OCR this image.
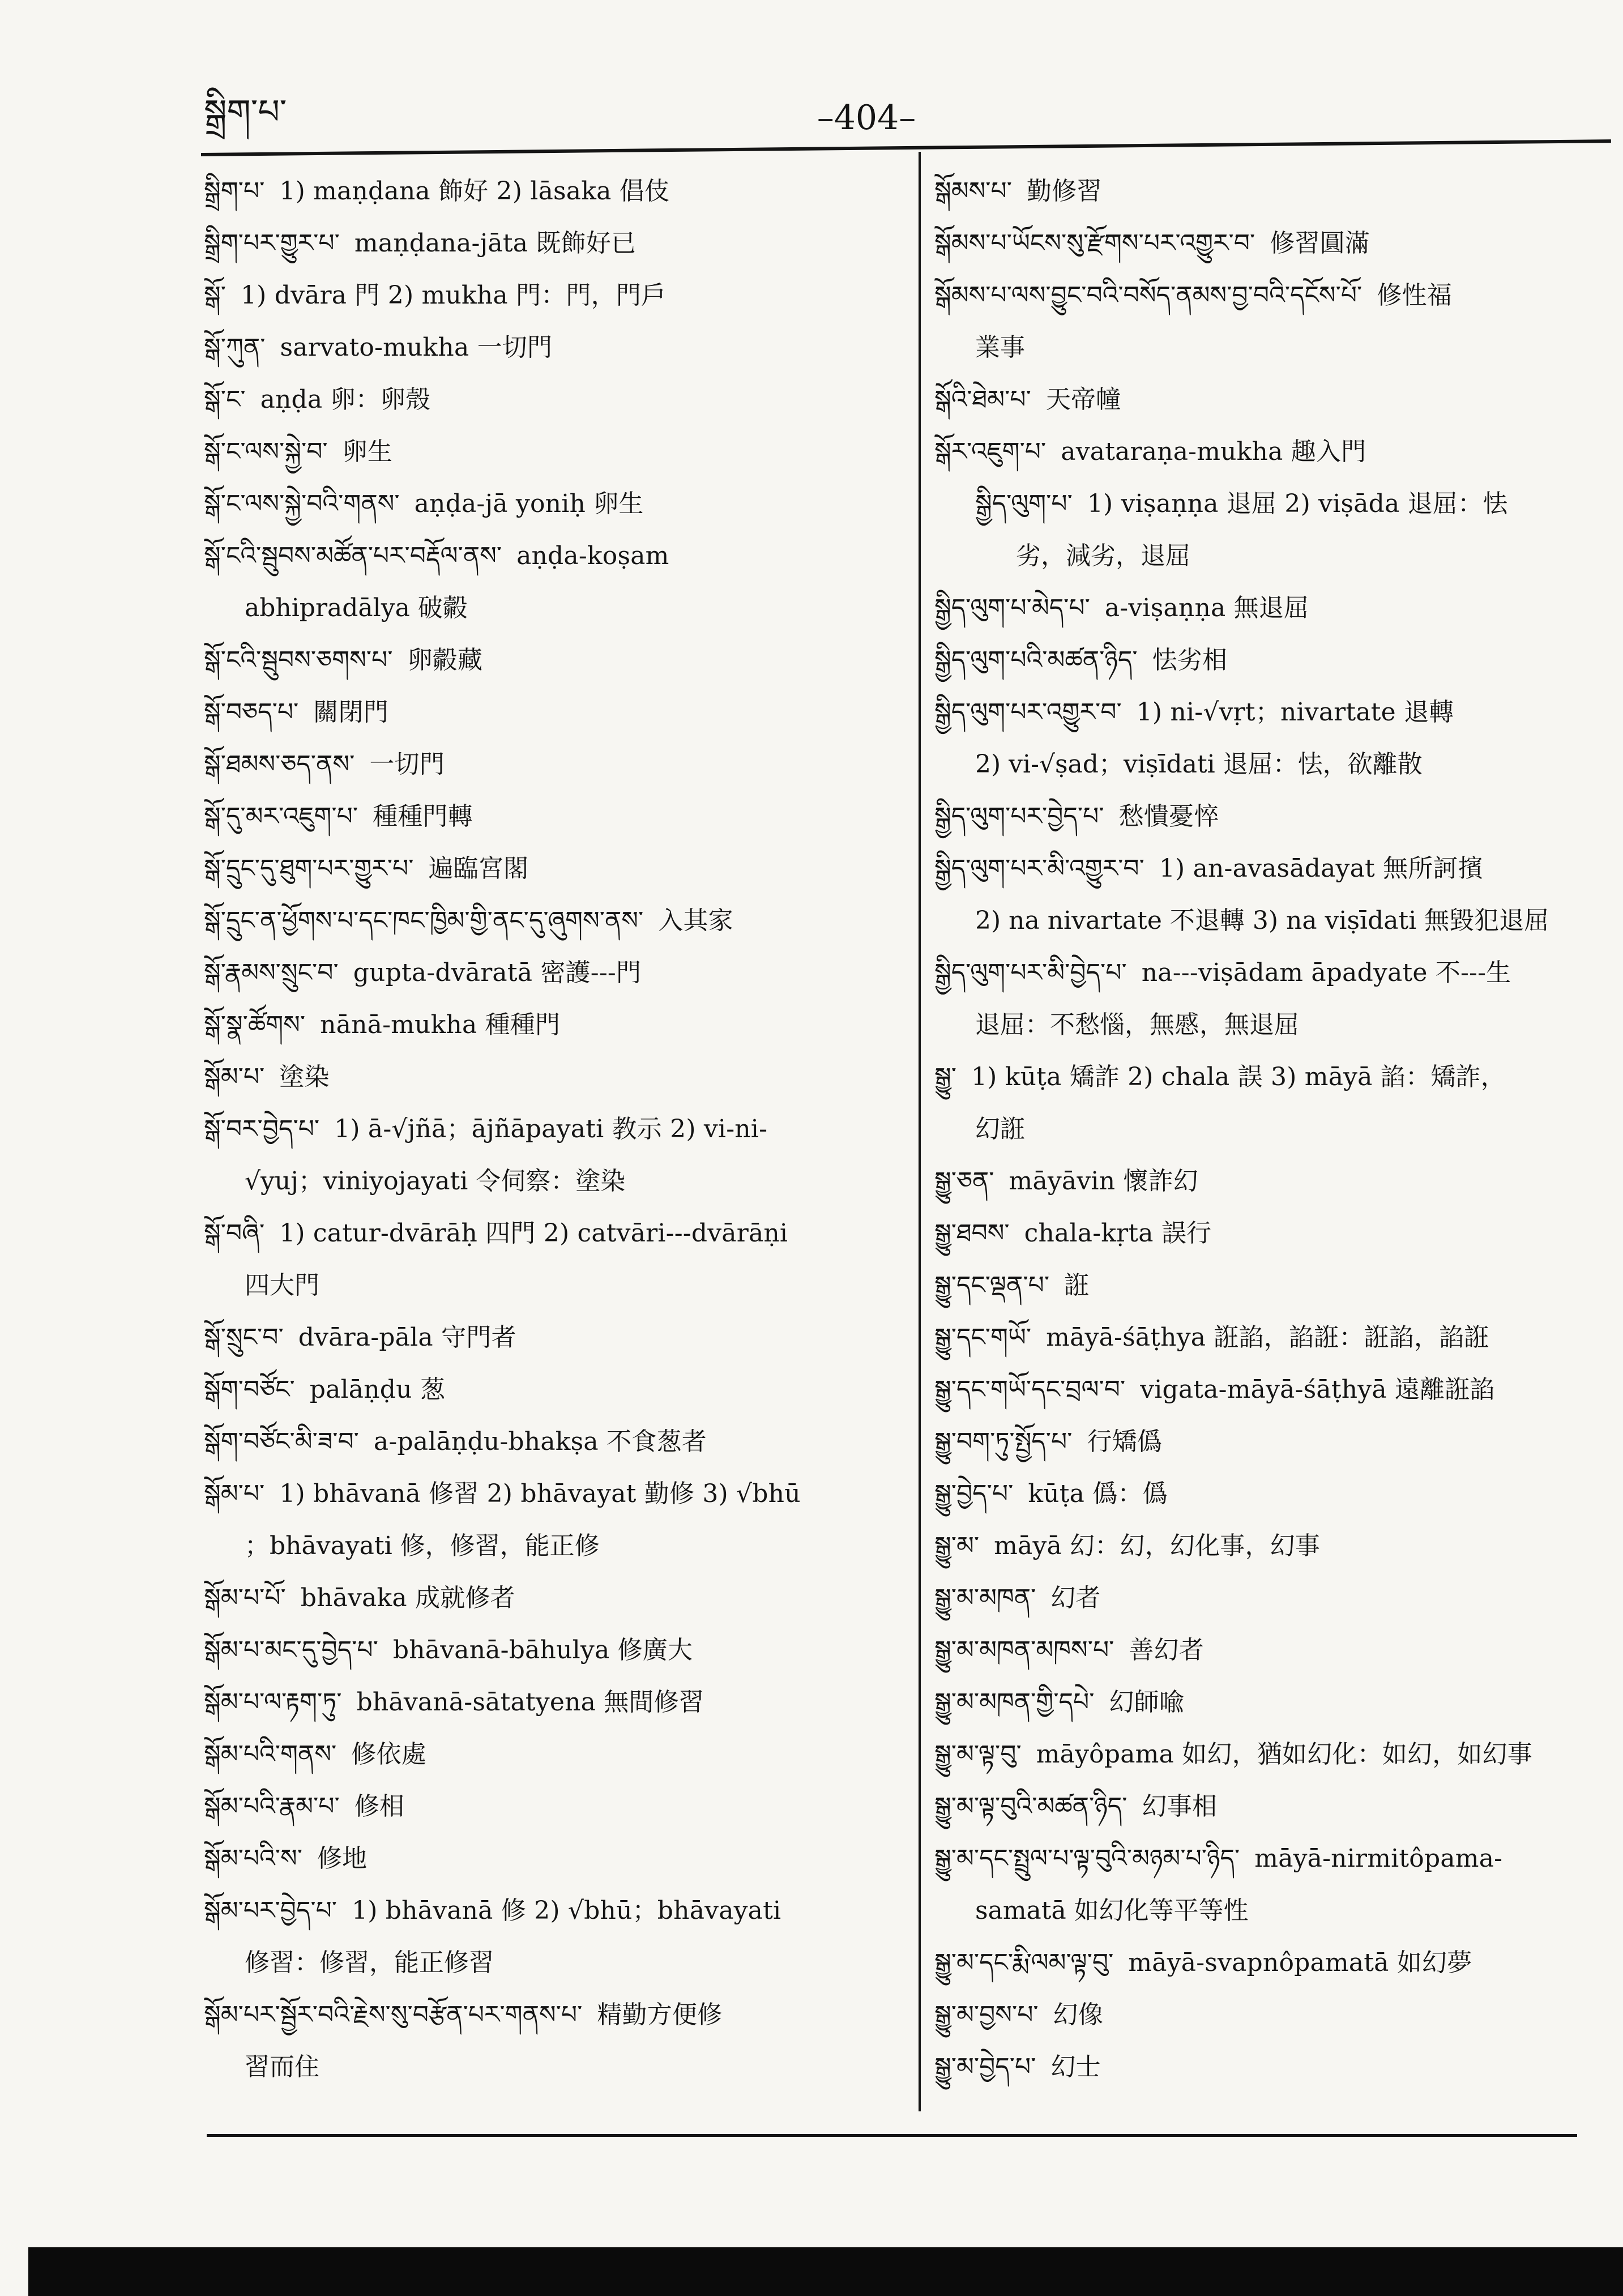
སྒྲིག་པ་	–404–

སྒྲིག་པ་ 1) maṇḍana 飾好 2) lāsaka 倡伎

སྒྲིག་པར་གྱུར་པ་ maṇḍana-jāta 既飾好已

སྒོ་ 1) dvāra 門 2) mukha 門：門，門戶

སྒོ་ཀུན་ sarvato-mukha 一切門

སྒོ་ང་ aṇḍa 卵：卵殼

སྒོ་ང་ལས་སྐྱེ་བ་ 卵生

སྒོ་ང་ལས་སྐྱེ་བའི་གནས་ aṇḍa-jā yoniḥ 卵生

སྒོ་ངའི་སྦུབས་མཚོན་པར་བརྡོལ་ནས་ aṇḍa-koṣam
abhipradālya 破㲉

སྒོ་ངའི་སྦུབས་ཅགས་པ་ 卵㲉藏

སྒོ་བཅད་པ་ 關閉門

སྒོ་ཐམས་ཅད་ནས་ 一切門

སྒོ་དུ་མར་འཇུག་པ་ 種種門轉

སྒོ་དྲུང་དུ་ཐུག་པར་གྱུར་པ་ 遍臨宮閣

སྒོ་དྲུང་ན་ཕྱོགས་པ་དང་ཁང་ཁྱིམ་གྱི་ནང་དུ་ཞུགས་ནས་ 入其家

སྒོ་རྣམས་སྲུང་བ་ gupta-dvāratā 密護---門

སྒོ་སྣ་ཚོགས་ nānā-mukha 種種門

སྒོམ་པ་ 塗染

སྒོ་བར་བྱེད་པ་ 1) ā-√jñā；ājñāpayati 教示 2) vi-ni-
√yuj；viniyojayati 令伺察：塗染

སྒོ་བཞི་ 1) catur-dvārāḥ 四門 2) catvāri---dvārāṇi
四大門

སྒོ་སྲུང་བ་ dvāra-pāla 守門者

སྒོག་བཙོང་ palāṇḍu 葱

སྒོག་བཙོང་མི་ཟ་བ་ a-palāṇḍu-bhakṣa 不食葱者

སྒོམ་པ་ 1) bhāvanā 修習 2) bhāvayat 勤修 3) √bhū
；bhāvayati 修，修習，能正修

སྒོམ་པ་པོ་ bhāvaka 成就修者

སྒོམ་པ་མང་དུ་བྱེད་པ་ bhāvanā-bāhulya 修廣大

སྒོམ་པ་ལ་རྟག་ཏུ་ bhāvanā-sātatyena 無間修習

སྒོམ་པའི་གནས་ 修依處

སྒོམ་པའི་རྣམ་པ་ 修相

སྒོམ་པའི་ས་ 修地

སྒོམ་པར་བྱེད་པ་ 1) bhāvanā 修 2) √bhū；bhāvayati
修習：修習，能正修習

སྒོམ་པར་སྦྱོར་བའི་རྗེས་སུ་བརྩོན་པར་གནས་པ་ 精勤方便修
習而住

སྒོམས་པ་ 勤修習

སྒོམས་པ་ཡོངས་སུ་རྫོགས་པར་འགྱུར་བ་ 修習圓滿

སྒོམས་པ་ལས་བྱུང་བའི་བསོད་ནམས་བྱ་བའི་དངོས་པོ་ 修性福
業事

སྒོའི་ཐེམ་པ་ 天帝幢

སྒོར་འཇུག་པ་ avataraṇa-mukha 趣入門

སྒྱིད་ལུག་པ་ 1) viṣaṇṇa 退屈 2) viṣāda 退屈：怯
劣，減劣，退屈

སྒྱིད་ལུག་པ་མེད་པ་ a-viṣaṇṇa 無退屈

སྒྱིད་ལུག་པའི་མཚན་ཉིད་ 怯劣相

སྒྱིད་ལུག་པར་འགྱུར་བ་ 1) ni-√vṛt；nivartate 退轉
2) vi-√ṣad；viṣīdati 退屈：怯，欲離散

སྒྱིད་ལུག་པར་བྱེད་པ་ 愁憒憂悴

སྒྱིད་ལུག་པར་མི་འགྱུར་བ་ 1) an-avasādayat 無所訶擯
2) na nivartate 不退轉 3) na viṣīdati 無毀犯退屈

སྒྱིད་ལུག་པར་མི་བྱེད་པ་ na---viṣādam āpadyate 不---生
退屈：不愁惱，無慼，無退屈

སྒྱུ་ 1) kūṭa 矯詐 2) chala 誤 3) māyā 諂：矯詐，
幻誑

སྒྱུ་ཅན་ māyāvin 懷詐幻

སྒྱུ་ཐབས་ chala-kṛta 誤行

སྒྱུ་དང་ལྡན་པ་ 誑

སྒྱུ་དང་གཡོ་ māyā-śāṭhya 誑諂，諂誑：誑諂，諂誑

སྒྱུ་དང་གཡོ་དང་བྲལ་བ་ vigata-māyā-śāṭhyā 遠離誑諂

སྒྱུ་བག་ཏུ་སྤྱོད་པ་ 行矯僞

སྒྱུ་བྱེད་པ་ kūṭa 僞：僞

སྒྱུ་མ་ māyā 幻：幻，幻化事，幻事

སྒྱུ་མ་མཁན་ 幻者

སྒྱུ་མ་མཁན་མཁས་པ་ 善幻者

སྒྱུ་མ་མཁན་གྱི་དཔེ་ 幻師喩

སྒྱུ་མ་ལྟ་བུ་ māyôpama 如幻，猶如幻化：如幻，如幻事

སྒྱུ་མ་ལྟ་བུའི་མཚན་ཉིད་ 幻事相

སྒྱུ་མ་དང་སྤྲུལ་པ་ལྟ་བུའི་མཉམ་པ་ཉིད་ māyā-nirmitôpama-
samatā 如幻化等平等性

སྒྱུ་མ་དང་རྨི་ལམ་ལྟ་བུ་ māyā-svapnôpamatā 如幻夢

སྒྱུ་མ་བྱས་པ་ 幻像

སྒྱུ་མ་བྱེད་པ་ 幻士
